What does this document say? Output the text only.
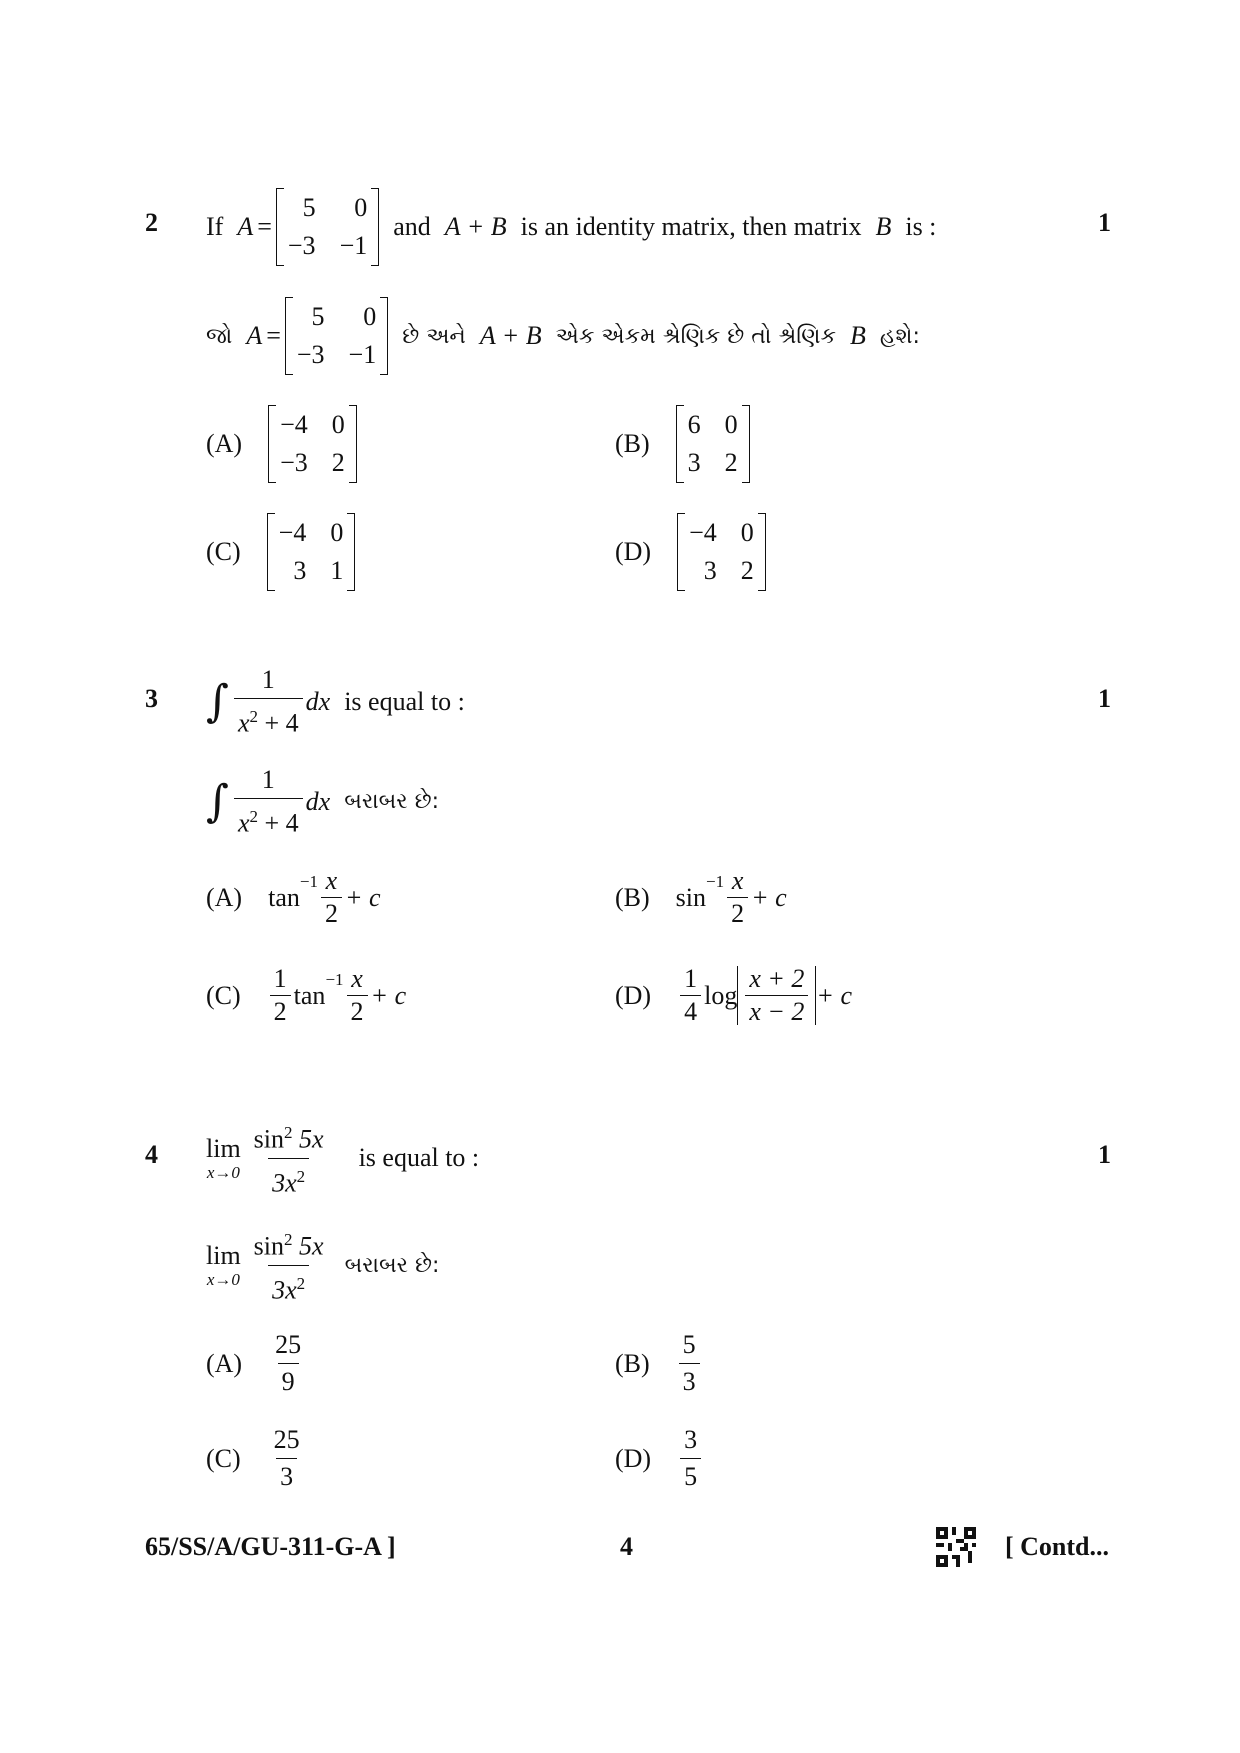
2	1
If A =
5	0
−3 −1
and A + B is an identity matrix, then matrix B is :
જો A =
5	0
−3 −1
છે અને A + B એક એકમ શ્રેણિક છે તો શ્રેણિક B હશે:
(A)
−4 0
−3 2
(B)
6 0
3 2
(C)
−4 0
3 1
(D)
−4 0
3 2
3	1
∫ $\frac{1}{x^2 + 4}$ dx is equal to :
∫ $\frac{1}{x^2 + 4}$ dx બરાબર છે:
(A) tan
$^{-1} \frac{x}{2} + c$	(B) sin
$^{-1} \frac{x}{2} + c$
$(C) \frac{1}{2}$ tan
$^{-1} \frac{x}{2} + c$	$(D) \frac{1}{4}$ $\log \frac{x + 2}{x - 2} + c$
4	1
lim
$x\to 0 \frac{\sin^2 5x}{3x^2}$ is equal to :
lim
$x\to 0 \frac{\sin^2 5x}{3x^2}$ બરાબર છે:
$(A) \frac{25}{9}$	$(B) \frac{5}{3}$
$(C) \frac{25}{3}$	$(D) \frac{3}{5}$
65/SS/A/GU-311-G-A ]	4	[ Contd...
